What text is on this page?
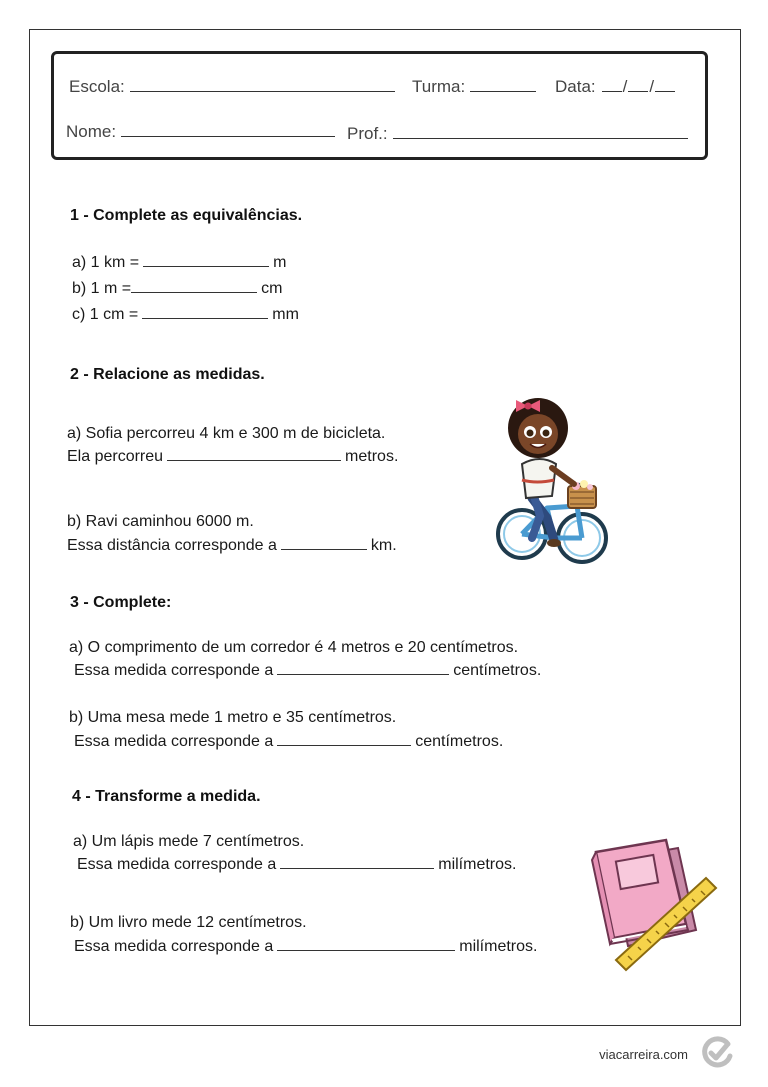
Escola:	Turma:	Data: / /
Nome:	Prof.:
1 - Complete as equivalências.
a) 1 km =	m
b) 1 m =	cm
c) 1 cm =	mm
2 - Relacione as medidas.
a) Sofia percorreu 4 km e 300 m de bicicleta.
Ela percorreu	metros.
b) Ravi caminhou 6000 m.
Essa distância corresponde a	km.
3 - Complete:
a) O comprimento de um corredor é 4 metros e 20 centímetros.
Essa medida corresponde a	centímetros.
b) Uma mesa mede 1 metro e 35 centímetros.
Essa medida corresponde a	centímetros.
4 - Transforme a medida.
a) Um lápis mede 7 centímetros.
Essa medida corresponde a	milímetros.
b) Um livro mede 12 centímetros.
Essa medida corresponde a	milímetros.
viacarreira.com
